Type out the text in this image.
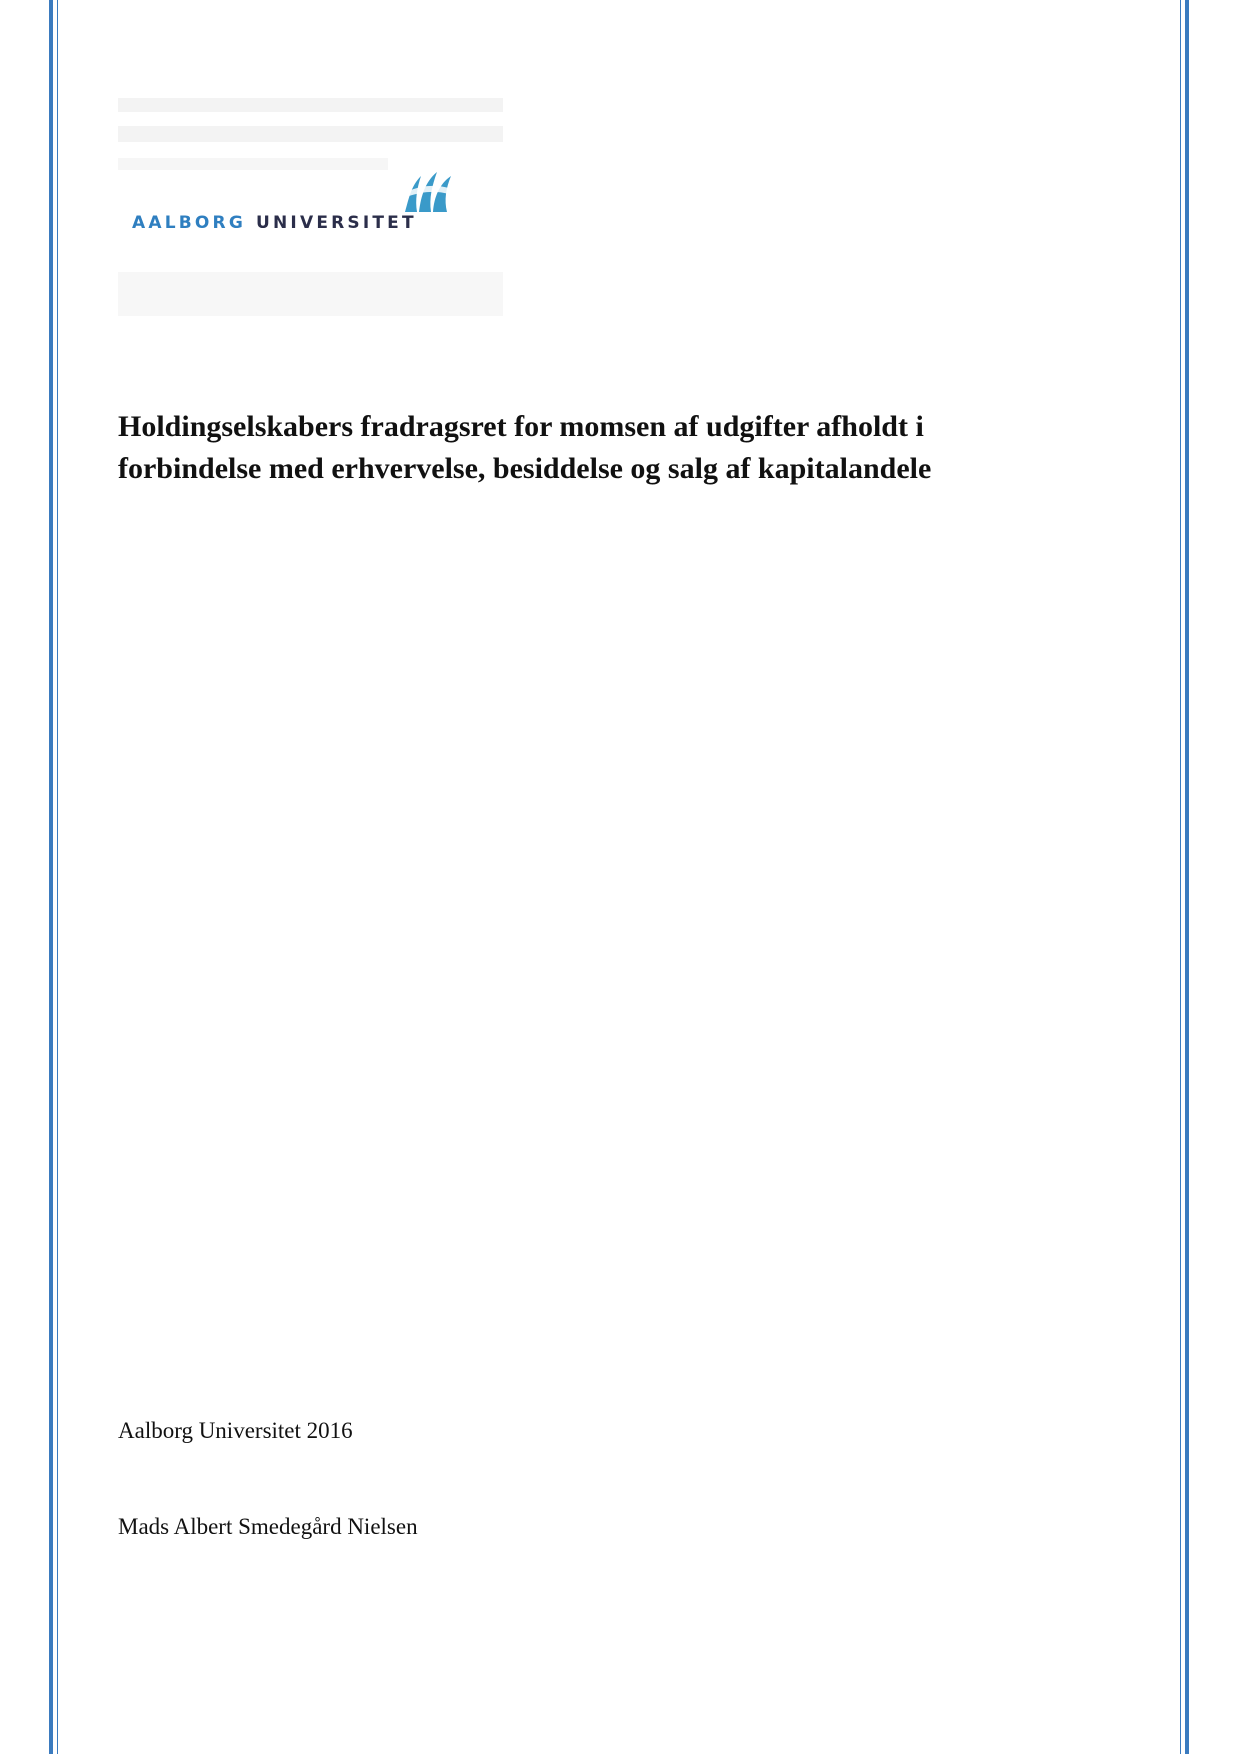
AALBORG UNIVERSITET
Holdingselskabers fradragsret for momsen af udgifter afholdt i
forbindelse med erhvervelse, besiddelse og salg af kapitalandele
Aalborg Universitet 2016
Mads Albert Smedegård Nielsen
